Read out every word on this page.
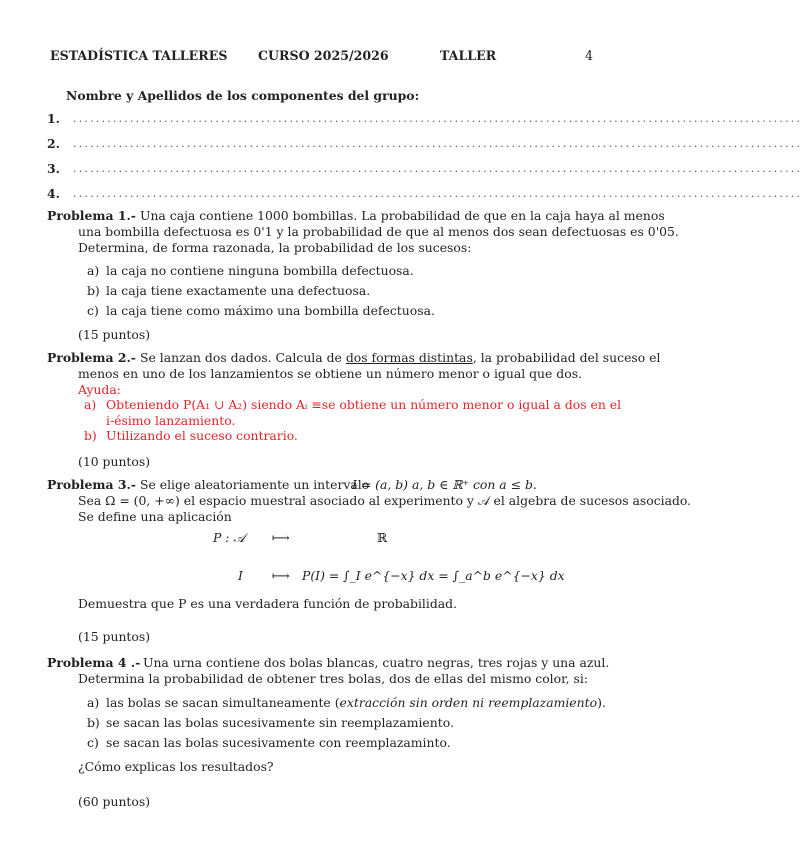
ESTADÍSTICA TALLERES CURSO 2025/2026	TALLER	4
Nombre y Apellidos de los componentes del grupo:
1. ................................................................................................................................
2. ................................................................................................................................
3. ................................................................................................................................
4. ................................................................................................................................
Problema 1.- Una caja contiene 1000 bombillas. La probabilidad de que en la caja haya al menos
una bombilla defectuosa es 0'1 y la probabilidad de que al menos dos sean defectuosas es 0'05.
Determina, de forma razonada, la probabilidad de los sucesos:
a) la caja no contiene ninguna bombilla defectuosa.
b) la caja tiene exactamente una defectuosa.
c) la caja tiene como máximo una bombilla defectuosa.
(15 puntos)
Problema 2.- Se lanzan dos dados. Calcula de dos formas distintas, la probabilidad del suceso el
menos en uno de los lanzamientos se obtiene un número menor o igual que dos.
Ayuda:
a) Obteniendo P(A₁ ∪ A₂) siendo Aᵢ ≡se obtiene un número menor o igual a dos en el
i-ésimo lanzamiento.
b) Utilizando el suceso contrario.
(10 puntos)
Problema 3.- Se elige aleatoriamente un intervalo
I = (a, b) a, b ∈ ℝ⁺ con a ≤ b.
Sea Ω = (0, +∞) el espacio muestral asociado al experimento y 𝒜 el algebra de sucesos asociado.
Se define una aplicación
P : 𝒜 ⟼	ℝ
I ⟼ P(I) = ∫_I e^{−x} dx = ∫_a^b e^{−x} dx
Demuestra que P es una verdadera función de probabilidad.
(15 puntos)
Problema 4 .- Una urna contiene dos bolas blancas, cuatro negras, tres rojas y una azul.
Determina la probabilidad de obtener tres bolas, dos de ellas del mismo color, si:
a) las bolas se sacan simultaneamente (extracción sin orden ni reemplazamiento).
b) se sacan las bolas sucesivamente sin reemplazamiento.
c) se sacan las bolas sucesivamente con reemplazaminto.
¿Cómo explicas los resultados?
(60 puntos)
